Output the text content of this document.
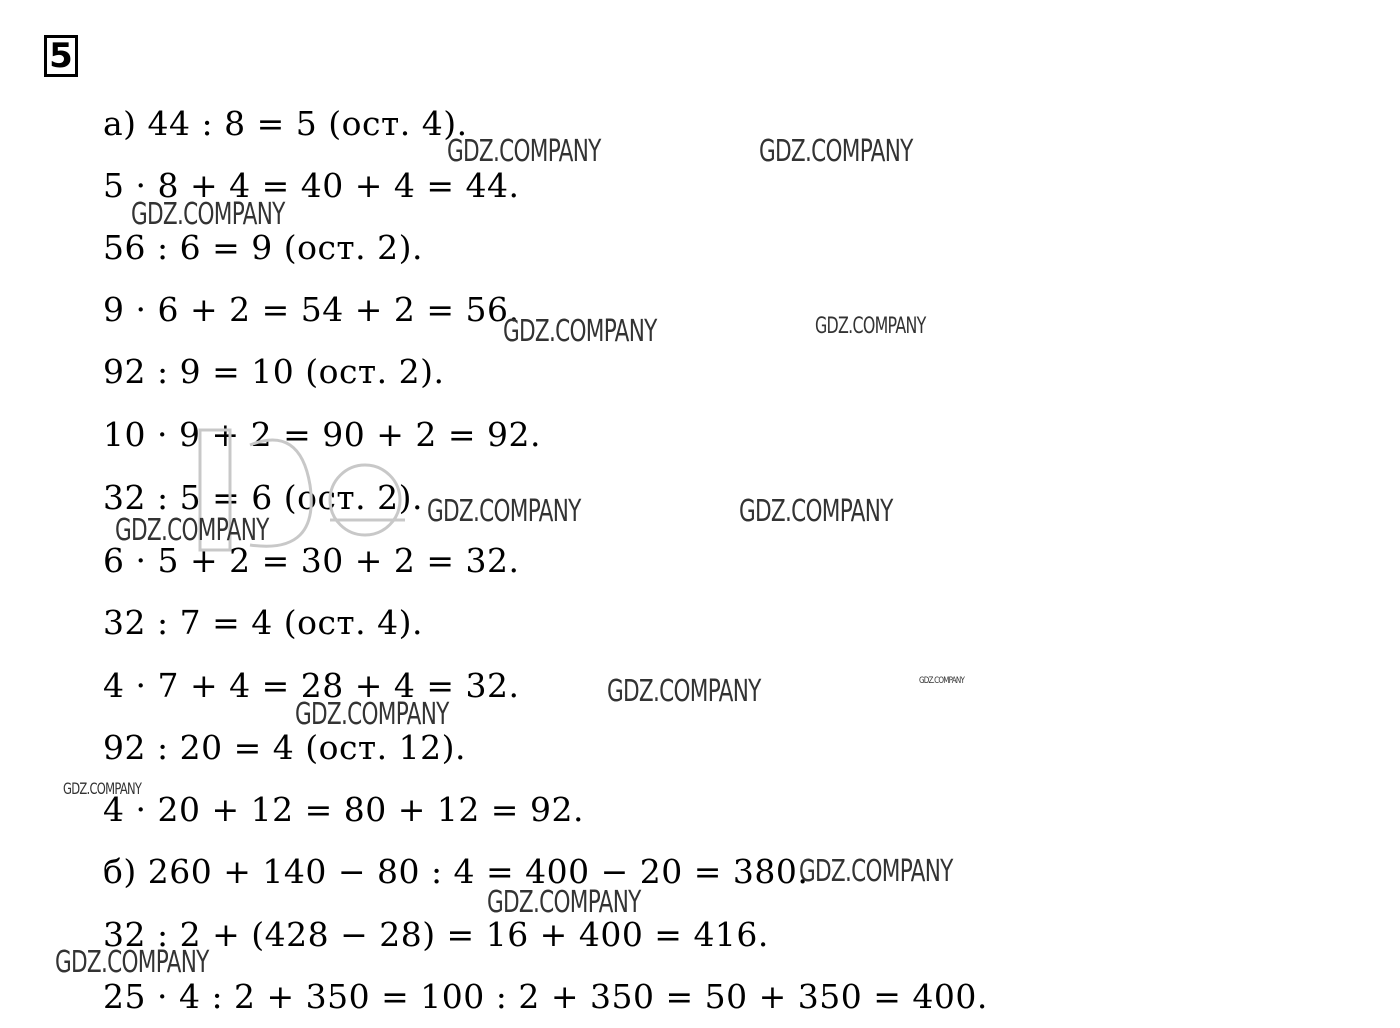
5
а) 44 : 8 = 5 (ост. 4).
5 · 8 + 4 = 40 + 4 = 44.
56 : 6 = 9 (ост. 2).
9 · 6 + 2 = 54 + 2 = 56.
92 : 9 = 10 (ост. 2).
10 · 9 + 2 = 90 + 2 = 92.
32 : 5 = 6 (ост. 2).
6 · 5 + 2 = 30 + 2 = 32.
32 : 7 = 4 (ост. 4).
4 · 7 + 4 = 28 + 4 = 32.
92 : 20 = 4 (ост. 12).
4 · 20 + 12 = 80 + 12 = 92.
б) 260 + 140 − 80 : 4 = 400 − 20 = 380.
32 : 2 + (428 − 28) = 16 + 400 = 416.
25 · 4 : 2 + 350 = 100 : 2 + 350 = 50 + 350 = 400.
GDZ.COMPANY	GDZ.COMPANY
GDZ.COMPANY
GDZ.COMPANY	GDZ.COMPANY
GDZ.COMPANY	GDZ.COMPANY
GDZ.COMPANY
GDZ.COMPANY	GDZ.COMPANY
GDZ.COMPANY
GDZ.COMPANY
GDZ.COMPANY
GDZ.COMPANY
GDZ.COMPANY
